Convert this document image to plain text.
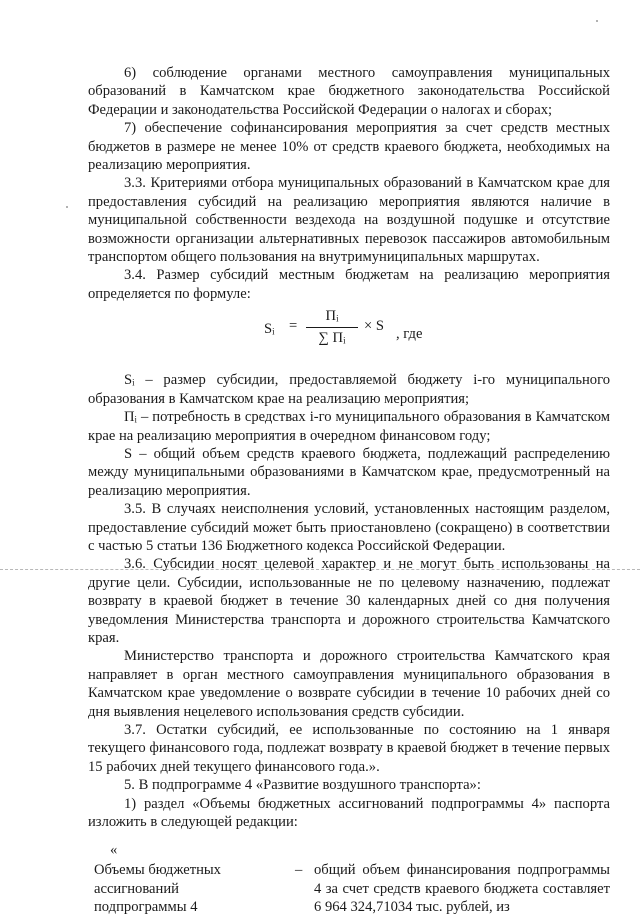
6) соблюдение органами местного самоуправления муниципальных образований в Камчатском крае бюджетного законодательства Российской Федерации и законодательства Российской Федерации о налогах и сборах;

7) обеспечение софинансирования мероприятия за счет средств местных бюджетов в размере не менее 10% от средств краевого бюджета, необходимых на реализацию мероприятия.

3.3. Критериями отбора муниципальных образований в Камчатском крае для предоставления субсидий на реализацию мероприятия являются наличие в муниципальной собственности вездехода на воздушной подушке и отсутствие возможности организации альтернативных перевозок пассажиров автомобильным транспортом общего пользования на внутримуниципальных маршрутах.

3.4. Размер субсидий местным бюджетам на реализацию мероприятия определяется по формуле:

Sᵢ =
Пᵢ
∑ Пᵢ
× S , где

Sᵢ – размер субсидии, предоставляемой бюджету i-го муниципального образования в Камчатском крае на реализацию мероприятия;

Пᵢ – потребность в средствах i-го муниципального образования в Камчатском крае на реализацию мероприятия в очередном финансовом году;

S – общий объем средств краевого бюджета, подлежащий распределению между муниципальными образованиями в Камчатском крае, предусмотренный на реализацию мероприятия.

3.5. В случаях неисполнения условий, установленных настоящим разделом, предоставление субсидий может быть приостановлено (сокращено) в соответствии с частью 5 статьи 136 Бюджетного кодекса Российской Федерации.

3.6. Субсидии носят целевой характер и не могут быть использованы на другие цели. Субсидии, использованные не по целевому назначению, подлежат возврату в краевой бюджет в течение 30 календарных дней со дня получения уведомления Министерства транспорта и дорожного строительства Камчатского края.

Министерство транспорта и дорожного строительства Камчатского края направляет в орган местного самоуправления муниципального образования в Камчатском крае уведомление о возврате субсидии в течение 10 рабочих дней со дня выявления нецелевого использования средств субсидии.

3.7. Остатки субсидий, ее использованные по состоянию на 1 января текущего финансового года, подлежат возврату в краевой бюджет в течение первых 15 рабочих дней текущего финансового года.».

5. В подпрограмме 4 «Развитие воздушного транспорта»:

1) раздел «Объемы бюджетных ассигнований подпрограммы 4» паспорта изложить в следующей редакции:

«
Объемы бюджетных ассигнований подпрограммы 4
– общий объем финансирования подпрограммы 4 за счет средств краевого бюджета составляет 6 964 324,71034 тыс. рублей, из
